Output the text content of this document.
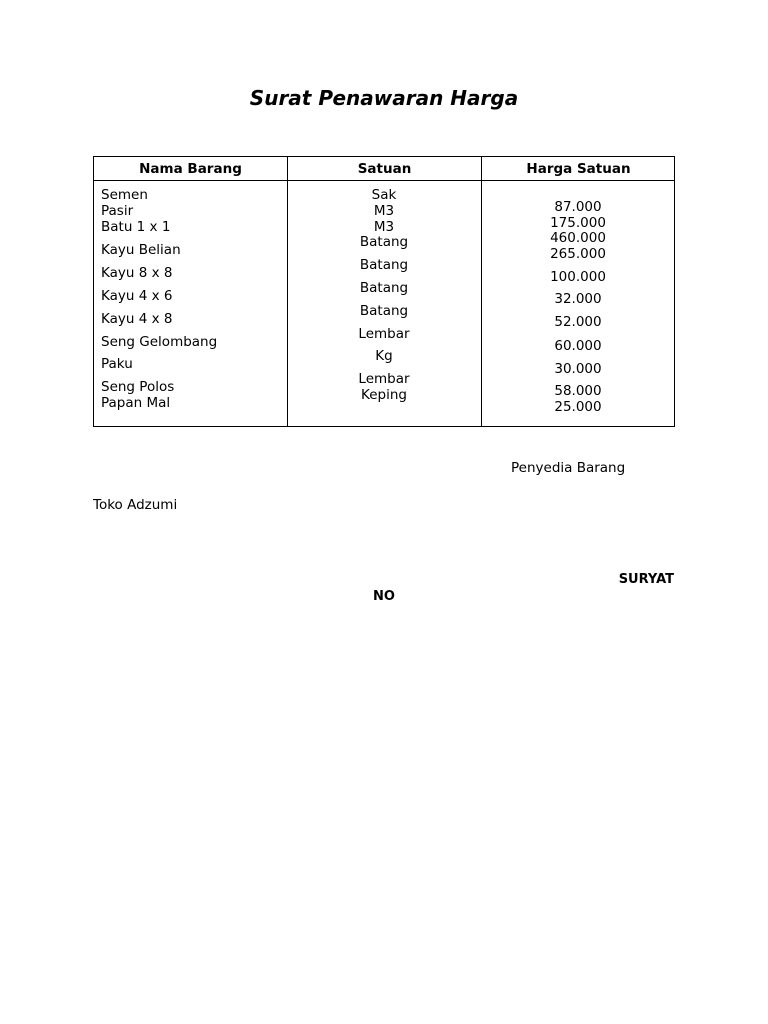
Surat Penawaran Harga
Nama Barang	Satuan	Harga Satuan
Semen
Pasir
Batu 1 x 1
Kayu Belian
Kayu 8 x 8
Kayu 4 x 6
Kayu 4 x 8
Seng Gelombang
Paku
Seng Polos
Papan Mal
Sak
M3
M3
Batang
Batang
Batang
Batang
Lembar
Kg
Lembar
Keping
87.000
175.000
460.000
265.000
100.000
32.000
52.000
60.000
30.000
58.000
25.000
Penyedia Barang
Toko Adzumi
SURYAT
NO
